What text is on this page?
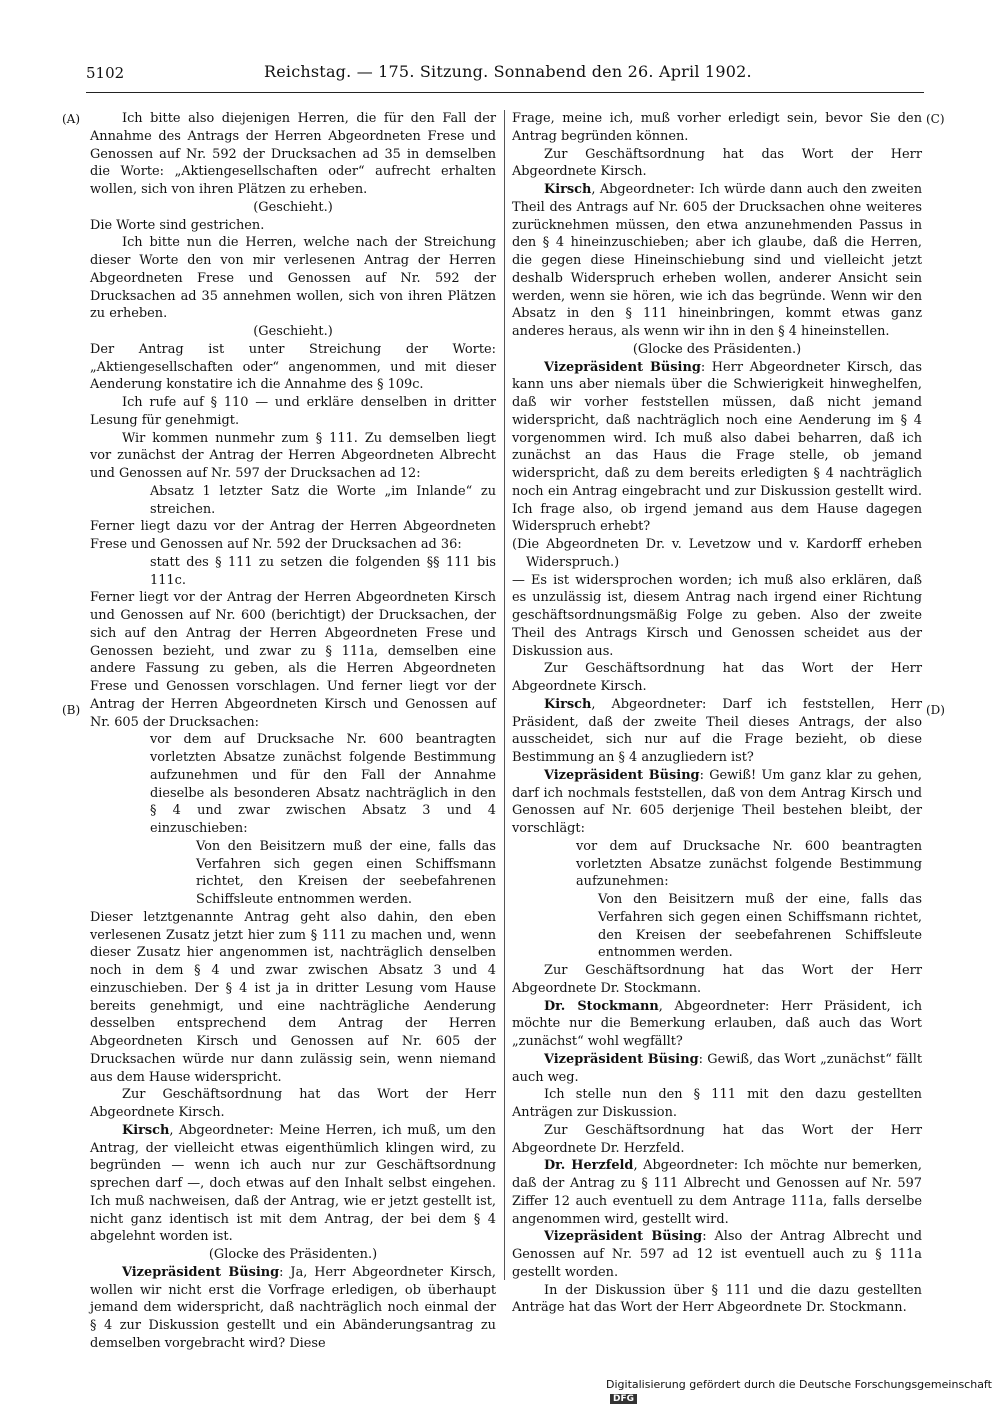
5102	Reichstag. — 175. Sitzung. Sonnabend den 26. April 1902.
(A)
(B)
(C)
(D)

Ich bitte also diejenigen Herren, die für den Fall der Annahme des Antrags der Herren Abgeordneten Frese und Genossen auf Nr. 592 der Drucksachen ad 35 in demselben die Worte: „Aktiengesellschaften oder“ aufrecht erhalten wollen, sich von ihren Plätzen zu erheben.

(Geschieht.)

Die Worte sind gestrichen.

Ich bitte nun die Herren, welche nach der Streichung dieser Worte den von mir verlesenen Antrag der Herren Abgeordneten Frese und Genossen auf Nr. 592 der Drucksachen ad 35 annehmen wollen, sich von ihren Plätzen zu erheben.

(Geschieht.)

Der Antrag ist unter Streichung der Worte: „Aktiengesellschaften oder“ angenommen, und mit dieser Aenderung konstatire ich die Annahme des § 109c.

Ich rufe auf § 110 — und erkläre denselben in dritter Lesung für genehmigt.

Wir kommen nunmehr zum § 111. Zu demselben liegt vor zunächst der Antrag der Herren Abgeordneten Albrecht und Genossen auf Nr. 597 der Drucksachen ad 12:

Absatz 1 letzter Satz die Worte „im Inlande“ zu streichen.

Ferner liegt dazu vor der Antrag der Herren Abgeordneten Frese und Genossen auf Nr. 592 der Drucksachen ad 36:

statt des § 111 zu setzen die folgenden §§ 111 bis 111c.

Ferner liegt vor der Antrag der Herren Abgeordneten Kirsch und Genossen auf Nr. 600 (berichtigt) der Drucksachen, der sich auf den Antrag der Herren Abgeordneten Frese und Genossen bezieht, und zwar zu § 111a, demselben eine andere Fassung zu geben, als die Herren Abgeordneten Frese und Genossen vorschlagen. Und ferner liegt vor der Antrag der Herren Abgeordneten Kirsch und Genossen auf Nr. 605 der Drucksachen:

vor dem auf Drucksache Nr. 600 beantragten vorletzten Absatze zunächst folgende Bestimmung aufzunehmen und für den Fall der Annahme dieselbe als besonderen Absatz nachträglich in den § 4 und zwar zwischen Absatz 3 und 4 einzuschieben:

Von den Beisitzern muß der eine, falls das Verfahren sich gegen einen Schiffsmann richtet, den Kreisen der seebefahrenen Schiffsleute entnommen werden.

Dieser letztgenannte Antrag geht also dahin, den eben verlesenen Zusatz jetzt hier zum § 111 zu machen und, wenn dieser Zusatz hier angenommen ist, nachträglich denselben noch in dem § 4 und zwar zwischen Absatz 3 und 4 einzuschieben. Der § 4 ist ja in dritter Lesung vom Hause bereits genehmigt, und eine nachträgliche Aenderung desselben entsprechend dem Antrag der Herren Abgeordneten Kirsch und Genossen auf Nr. 605 der Drucksachen würde nur dann zulässig sein, wenn niemand aus dem Hause widerspricht.

Zur Geschäftsordnung hat das Wort der Herr Abgeordnete Kirsch.

Kirsch, Abgeordneter: Meine Herren, ich muß, um den Antrag, der vielleicht etwas eigenthümlich klingen wird, zu begründen — wenn ich auch nur zur Geschäftsordnung sprechen darf —, doch etwas auf den Inhalt selbst eingehen. Ich muß nachweisen, daß der Antrag, wie er jetzt gestellt ist, nicht ganz identisch ist mit dem Antrag, der bei dem § 4 abgelehnt worden ist.

(Glocke des Präsidenten.)

Vizepräsident Büsing: Ja, Herr Abgeordneter Kirsch, wollen wir nicht erst die Vorfrage erledigen, ob überhaupt jemand dem widerspricht, daß nachträglich noch einmal der § 4 zur Diskussion gestellt und ein Abänderungsantrag zu demselben vorgebracht wird? Diese

Frage, meine ich, muß vorher erledigt sein, bevor Sie den Antrag begründen können.

Zur Geschäftsordnung hat das Wort der Herr Abgeordnete Kirsch.

Kirsch, Abgeordneter: Ich würde dann auch den zweiten Theil des Antrags auf Nr. 605 der Drucksachen ohne weiteres zurücknehmen müssen, den etwa anzunehmenden Passus in den § 4 hineinzuschieben; aber ich glaube, daß die Herren, die gegen diese Hineinschiebung sind und vielleicht jetzt deshalb Widerspruch erheben wollen, anderer Ansicht sein werden, wenn sie hören, wie ich das begründe. Wenn wir den Absatz in den § 111 hineinbringen, kommt etwas ganz anderes heraus, als wenn wir ihn in den § 4 hineinstellen.

(Glocke des Präsidenten.)

Vizepräsident Büsing: Herr Abgeordneter Kirsch, das kann uns aber niemals über die Schwierigkeit hinweghelfen, daß wir vorher feststellen müssen, daß nicht jemand widerspricht, daß nachträglich noch eine Aenderung im § 4 vorgenommen wird. Ich muß also dabei beharren, daß ich zunächst an das Haus die Frage stelle, ob jemand widerspricht, daß zu dem bereits erledigten § 4 nachträglich noch ein Antrag eingebracht und zur Diskussion gestellt wird. Ich frage also, ob irgend jemand aus dem Hause dagegen Widerspruch erhebt?

(Die Abgeordneten Dr. v. Levetzow und v. Kardorff erheben Widerspruch.)

— Es ist widersprochen worden; ich muß also erklären, daß es unzulässig ist, diesem Antrag nach irgend einer Richtung geschäftsordnungsmäßig Folge zu geben. Also der zweite Theil des Antrags Kirsch und Genossen scheidet aus der Diskussion aus.

Zur Geschäftsordnung hat das Wort der Herr Abgeordnete Kirsch.

Kirsch, Abgeordneter: Darf ich feststellen, Herr Präsident, daß der zweite Theil dieses Antrags, der also ausscheidet, sich nur auf die Frage bezieht, ob diese Bestimmung an § 4 anzugliedern ist?

Vizepräsident Büsing: Gewiß! Um ganz klar zu gehen, darf ich nochmals feststellen, daß von dem Antrag Kirsch und Genossen auf Nr. 605 derjenige Theil bestehen bleibt, der vorschlägt:

vor dem auf Drucksache Nr. 600 beantragten vorletzten Absatze zunächst folgende Bestimmung aufzunehmen:

Von den Beisitzern muß der eine, falls das Verfahren sich gegen einen Schiffsmann richtet, den Kreisen der seebefahrenen Schiffsleute entnommen werden.

Zur Geschäftsordnung hat das Wort der Herr Abgeordnete Dr. Stockmann.

Dr. Stockmann, Abgeordneter: Herr Präsident, ich möchte nur die Bemerkung erlauben, daß auch das Wort „zunächst“ wohl wegfällt?

Vizepräsident Büsing: Gewiß, das Wort „zunächst“ fällt auch weg.

Ich stelle nun den § 111 mit den dazu gestellten Anträgen zur Diskussion.

Zur Geschäftsordnung hat das Wort der Herr Abgeordnete Dr. Herzfeld.

Dr. Herzfeld, Abgeordneter: Ich möchte nur bemerken, daß der Antrag zu § 111 Albrecht und Genossen auf Nr. 597 Ziffer 12 auch eventuell zu dem Antrage 111a, falls derselbe angenommen wird, gestellt wird.

Vizepräsident Büsing: Also der Antrag Albrecht und Genossen auf Nr. 597 ad 12 ist eventuell auch zu § 111a gestellt worden.

In der Diskussion über § 111 und die dazu gestellten Anträge hat das Wort der Herr Abgeordnete Dr. Stockmann.

Digitalisierung gefördert durch die Deutsche ForschungsgemeinschaftDFG
